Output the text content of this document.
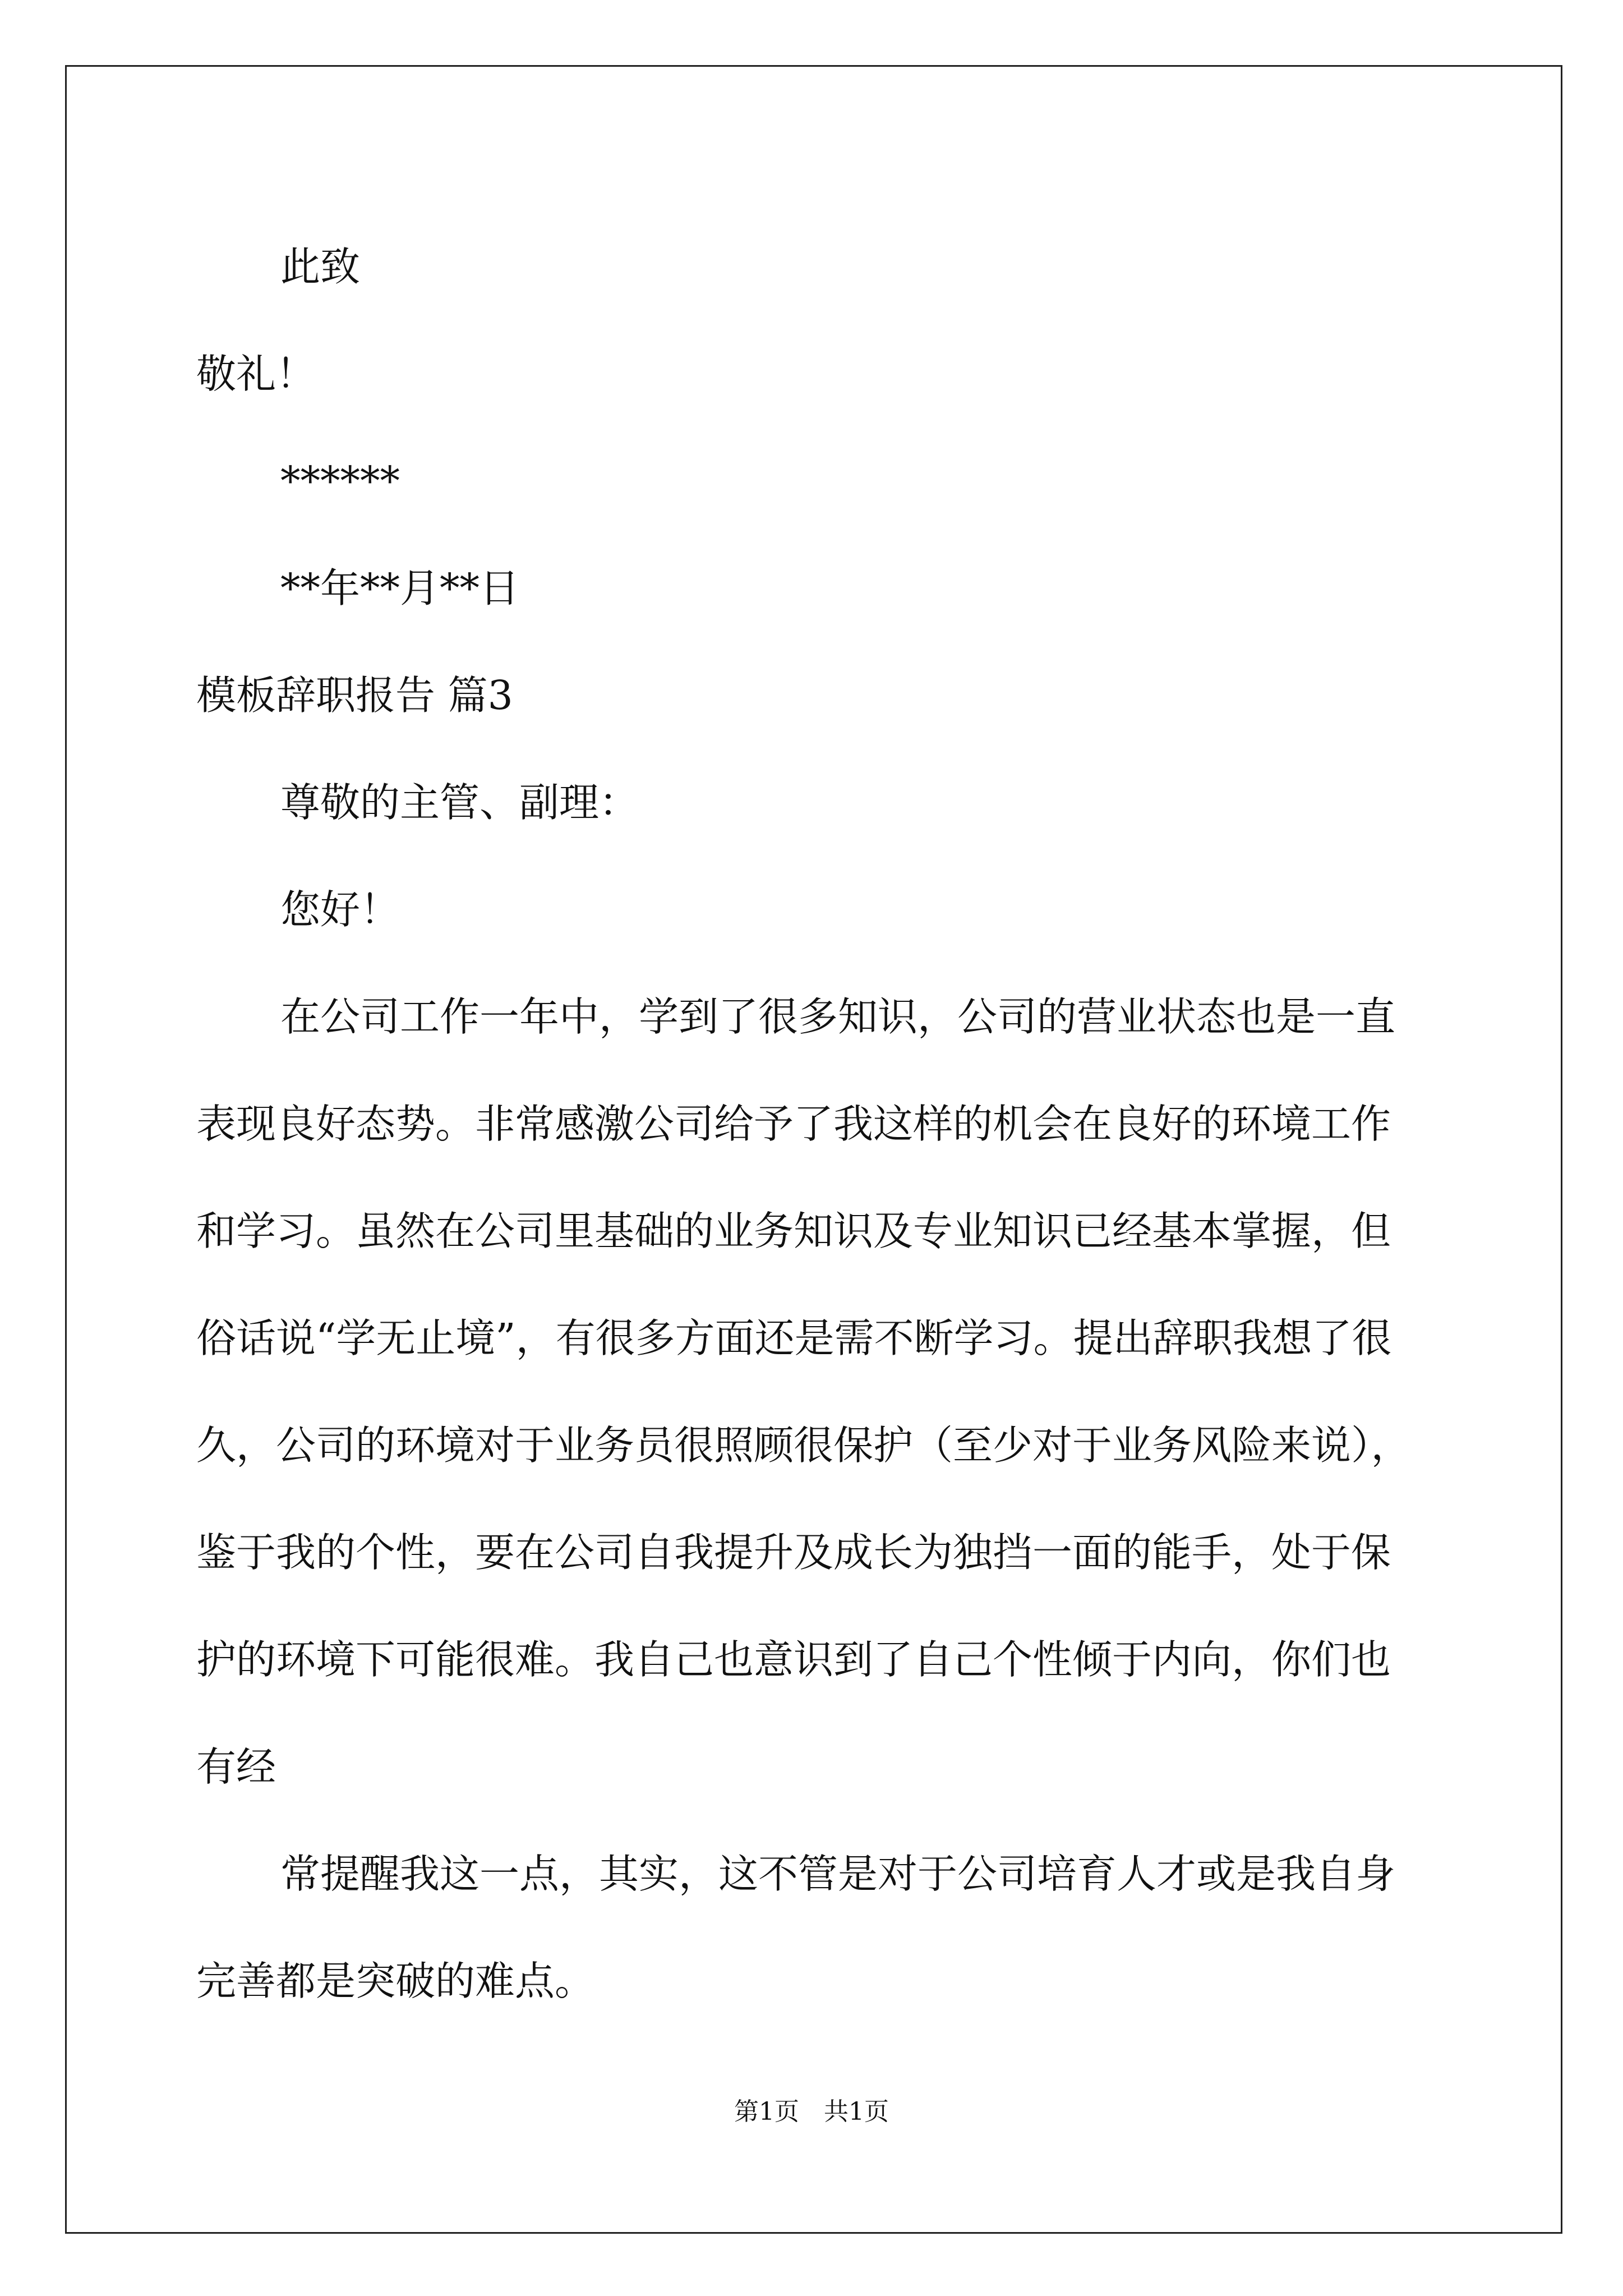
此致

敬礼！

******

**年**月**日

模板辞职报告 篇3

尊敬的主管、副理：

您好！

在公司工作一年中，学到了很多知识，公司的营业状态也是一直表现良好态势。非常感激公司给予了我这样的机会在良好的环境工作和学习。虽然在公司里基础的业务知识及专业知识已经基本掌握，但俗话说“学无止境”，有很多方面还是需不断学习。提出辞职我想了很久，公司的环境对于业务员很照顾很保护（至少对于业务风险来说），鉴于我的个性，要在公司自我提升及成长为独挡一面的能手，处于保护的环境下可能很难。我自己也意识到了自己个性倾于内向，你们也有经

常提醒我这一点，其实，这不管是对于公司培育人才或是我自身完善都是突破的难点。

第1页　共1页
